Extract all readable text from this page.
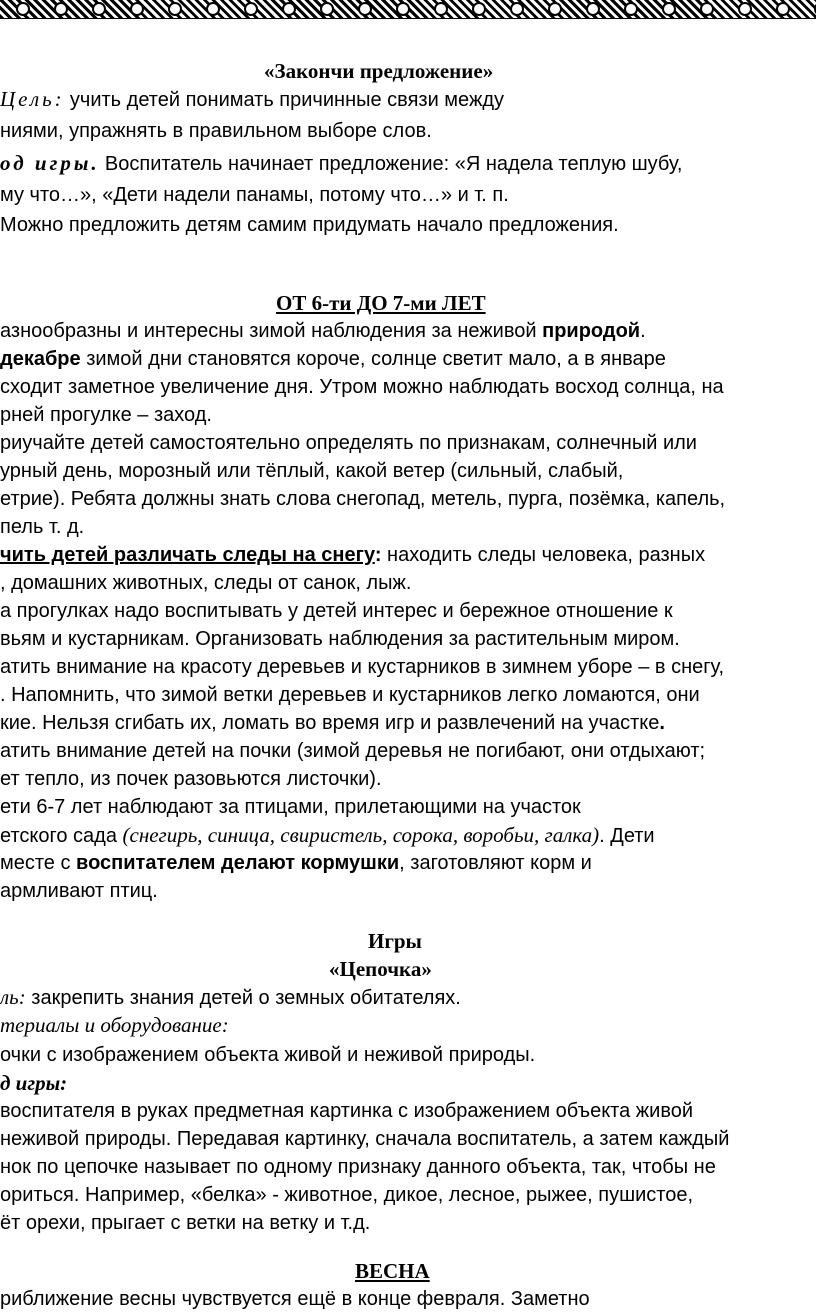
«Закончи предложение»
Цель: учить детей понимать причинные связи между
ниями, упражнять в правильном выборе слов.
од игры. Воспитатель начинает предложение: «Я надела теплую шубу,
му что…», «Дети надели панамы, потому что…» и т. п.
Можно предложить детям самим придумать начало предложения.
ОТ 6-ти ДО 7-ми ЛЕТ
азнообразны и интересны зимой наблюдения за неживой природой.
декабре зимой дни становятся короче, солнце светит мало, а в январе
сходит заметное увеличение дня. Утром можно наблюдать восход солнца, на
рней прогулке – заход.
риучайте детей самостоятельно определять по признакам, солнечный или
урный день, морозный или тёплый, какой ветер (сильный, слабый,
етрие). Ребята должны знать слова снегопад, метель, пурга, позёмка, капель,
пель т. д.
чить детей различать следы на снегу: находить следы человека, разных
, домашних животных, следы от санок, лыж.
а прогулках надо воспитывать у детей интерес и бережное отношение к
вьям и кустарникам. Организовать наблюдения за растительным миром.
атить внимание на красоту деревьев и кустарников в зимнем уборе – в снегу,
. Напомнить, что зимой ветки деревьев и кустарников легко ломаются, они
кие. Нельзя сгибать их, ломать во время игр и развлечений на участке.
атить внимание детей на почки (зимой деревья не погибают, они отдыхают;
ет тепло, из почек разовьются листочки).
ети 6-7 лет наблюдают за птицами, прилетающими на участок
етского сада (снегирь, синица, свиристель, сорока, воробьи, галка). Дети
месте с воспитателем делают кормушки, заготовляют корм и
армливают птиц.
Игры
«Цепочка»
ль: закрепить знания детей о земных обитателях.
териалы и оборудование:
очки с изображением объекта живой и неживой природы.
д игры:
воспитателя в руках предметная картинка с изображением объекта живой
неживой природы. Передавая картинку, сначала воспитатель, а затем каждый
нок по цепочке называет по одному признаку данного объекта, так, чтобы не
ориться. Например, «белка» - животное, дикое, лесное, рыжее, пушистое,
ёт орехи, прыгает с ветки на ветку и т.д.
ВЕСНА
риближение весны чувствуется ещё в конце февраля. Заметно
